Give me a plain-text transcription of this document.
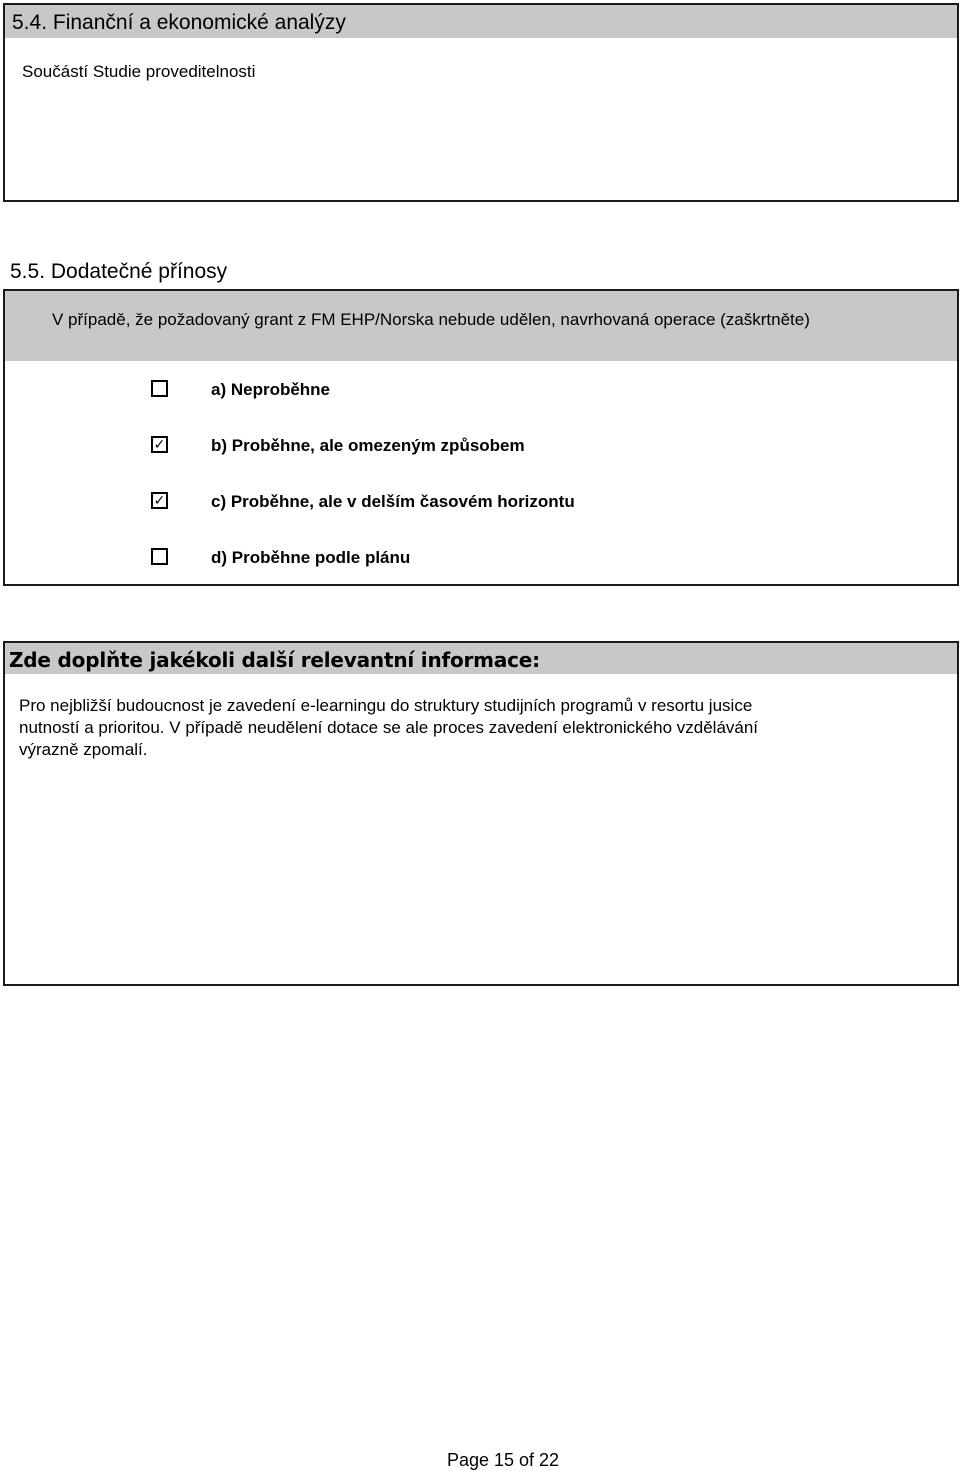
5.4. Finanční a ekonomické analýzy
Součástí Studie proveditelnosti
5.5. Dodatečné přínosy
V případě, že požadovaný grant z FM EHP/Norska nebude udělen, navrhovaná operace (zaškrtněte)
a) Neproběhne
✓	b) Proběhne, ale omezeným způsobem
✓	c) Proběhne, ale v delším časovém horizontu
d) Proběhne podle plánu
Zde doplňte jakékoli další relevantní informace:
Pro nejbližší budoucnost je zavedení e-learningu do struktury studijních programů v resortu jusice
nutností a prioritou. V případě neudělení dotace se ale proces zavedení elektronického vzdělávání
výrazně zpomalí.
Page 15 of 22
